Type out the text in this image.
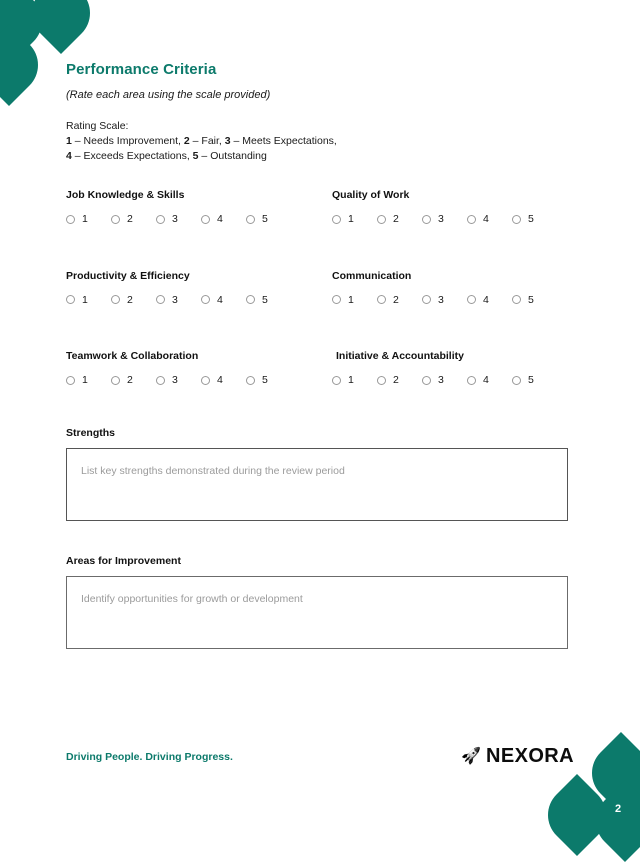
2
Performance Criteria
(Rate each area using the scale provided)
Rating Scale:
1 – Needs Improvement, 2 – Fair, 3 – Meets Expectations,
4 – Exceeds Expectations, 5 – Outstanding
Job Knowledge & Skills
1	2	3	4	5
Quality of Work
1	2	3	4	5
Productivity & Efficiency
1	2	3	4	5
Communication
1	2	3	4	5
Teamwork & Collaboration
1	2	3	4	5
Initiative & Accountability
1	2	3	4	5
Strengths
List key strengths demonstrated during the review period
Areas for Improvement
Identify opportunities for growth or development
Driving People. Driving Progress.	🚀 NEXORA
